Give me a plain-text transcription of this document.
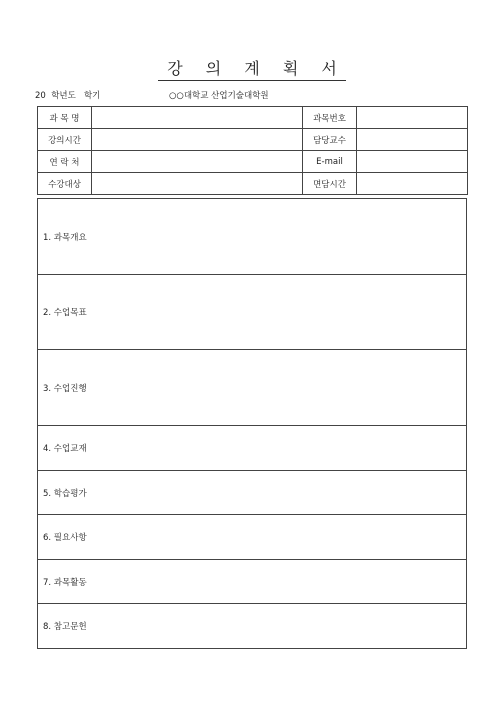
강 의 계 획 서
20  학년도   학기	○○대학교 산업기술대학원
과 목 명		과목번호	
강의시간		담당교수	
연 락 처		E-mail	
수강대상		면담시간	
1. 과목개요
2. 수업목표
3. 수업진행
4. 수업교재
5. 학습평가
6. 필요사항
7. 과목활동
8. 참고문헌
